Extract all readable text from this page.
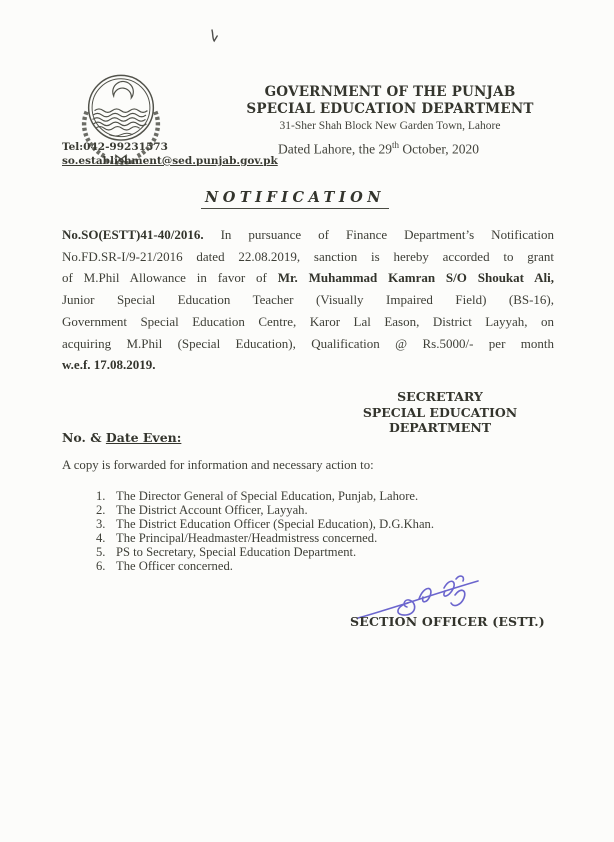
GOVERNMENT OF THE PUNJAB
SPECIAL EDUCATION DEPARTMENT
31-Sher Shah Block New Garden Town, Lahore
Tel:042-99231573
so.establishment@sed.punjab.gov.pk
Dated Lahore, the 29th October, 2020
NOTIFICATION
No.SO(ESTT)41-40/2016. In pursuance of Finance Department’s Notification
No.FD.SR-I/9-21/2016 dated 22.08.2019, sanction is hereby accorded to grant
of M.Phil Allowance in favor of Mr. Muhammad Kamran S/O Shoukat Ali,
Junior Special Education Teacher (Visually Impaired Field) (BS-16),
Government Special Education Centre, Karor Lal Eason, District Layyah, on
acquiring M.Phil (Special Education), Qualification @ Rs.5000/- per month
w.e.f. 17.08.2019.
SECRETARY
SPECIAL EDUCATION
DEPARTMENT
No. & Date Even:
A copy is forwarded for information and necessary action to:
1. The Director General of Special Education, Punjab, Lahore.
2. The District Account Officer, Layyah.
3. The District Education Officer (Special Education), D.G.Khan.
4. The Principal/Headmaster/Headmistress concerned.
5. PS to Secretary, Special Education Department.
6. The Officer concerned.
SECTION OFFICER (ESTT.)
